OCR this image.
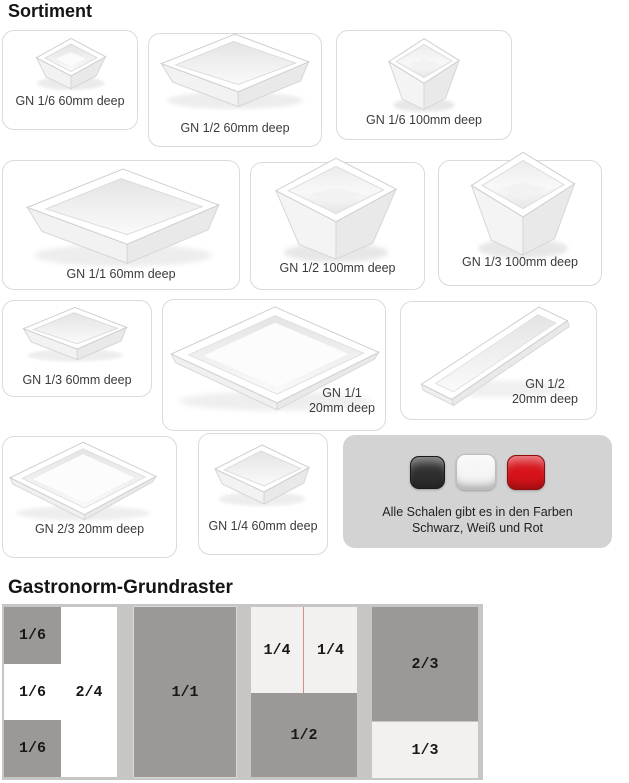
Sortiment
GN 1/6 60mm deep
GN 1/2 60mm deep
GN 1/6 100mm deep
GN 1/1 60mm deep	GN 1/2 100mm deep	GN 1/3 100mm deep
GN 1/3 60mm deep
GN 1/1 20mm deep
GN 1/2 20mm deep
GN 2/3 20mm deep	GN 1/4 60mm deep
Alle Schalen gibt es in den Farben
Schwarz, Weiß und Rot
Gastronorm-Grundraster
1/6
1/6
1/6
2/4	1/1
1/4	1/4
1/2
2/3
1/3
